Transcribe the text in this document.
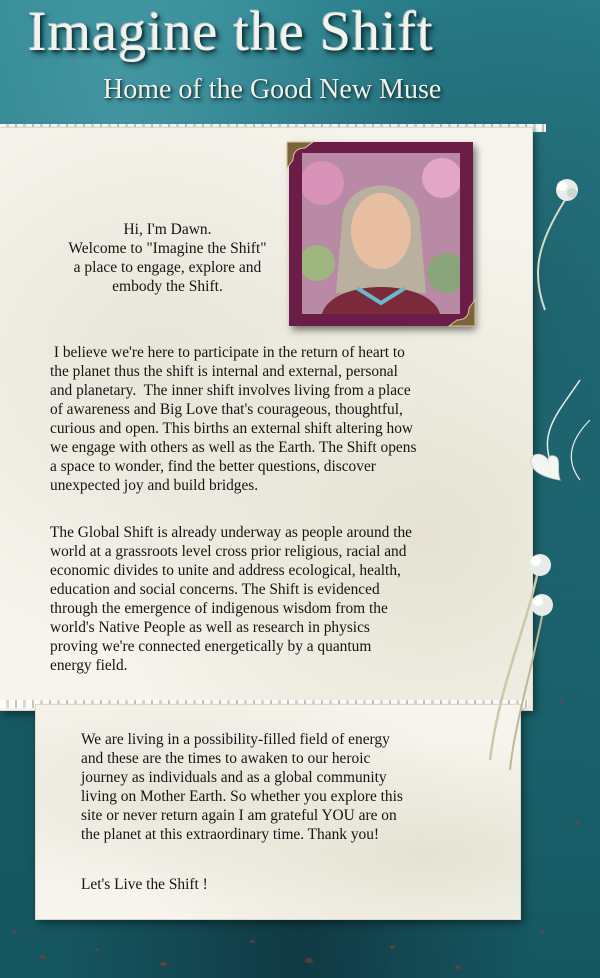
Imagine the Shift
Home of the Good New Muse
Hi, I'm Dawn.
Welcome to "Imagine the Shift"
a place to engage, explore and
embody the Shift.
I believe we're here to participate in the return of heart to
the planet thus the shift is internal and external, personal
and planetary.  The inner shift involves living from a place
of awareness and Big Love that's courageous, thoughtful,
curious and open. This births an external shift altering how
we engage with others as well as the Earth. The Shift opens
a space to wonder, find the better questions, discover
unexpected joy and build bridges.
The Global Shift is already underway as people around the
world at a grassroots level cross prior religious, racial and
economic divides to unite and address ecological, health,
education and social concerns. The Shift is evidenced
through the emergence of indigenous wisdom from the
world's Native People as well as research in physics
proving we're connected energetically by a quantum
energy field.
We are living in a possibility-filled field of energy
and these are the times to awaken to our heroic
journey as individuals and as a global community
living on Mother Earth. So whether you explore this
site or never return again I am grateful YOU are on
the planet at this extraordinary time. Thank you!
Let's Live the Shift !
